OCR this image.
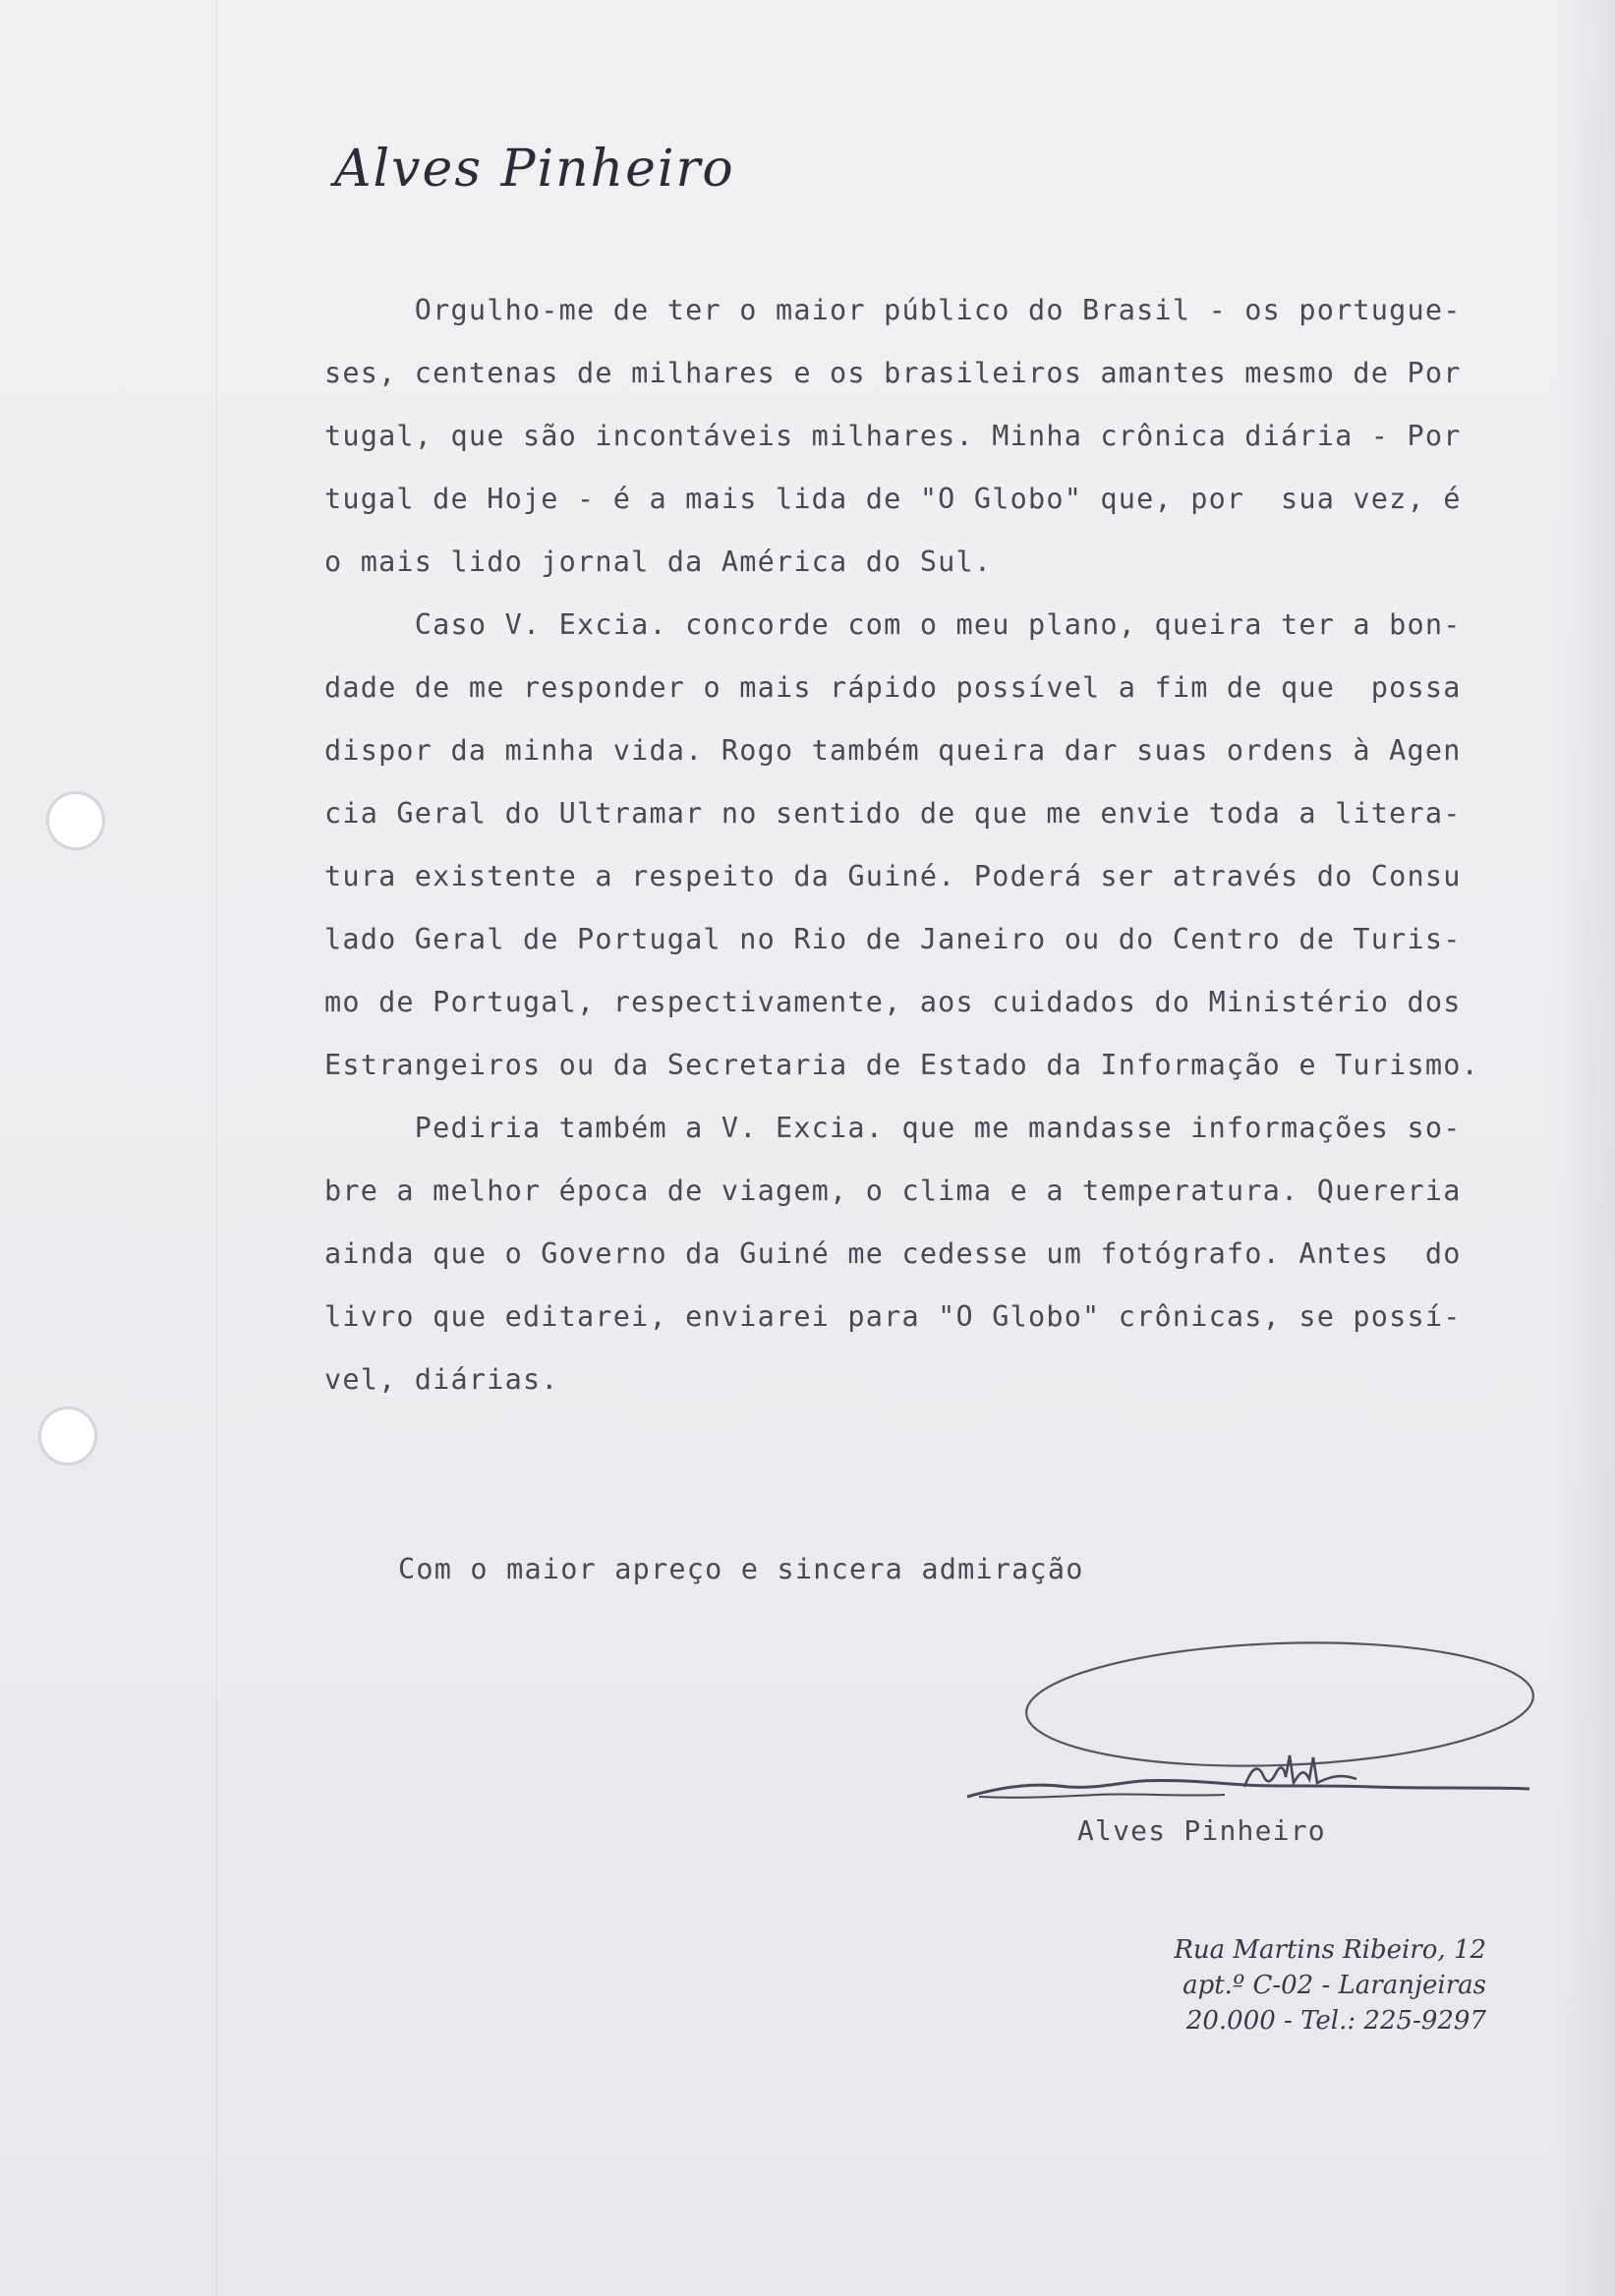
Alves Pinheiro
Orgulho-me de ter o maior público do Brasil - os portugue-
ses, centenas de milhares e os brasileiros amantes mesmo de Por
tugal, que são incontáveis milhares. Minha crônica diária - Por
tugal de Hoje - é a mais lida de "O Globo" que, por  sua vez, é
o mais lido jornal da América do Sul.
Caso V. Excia. concorde com o meu plano, queira ter a bon-
dade de me responder o mais rápido possível a fim de que  possa
dispor da minha vida. Rogo também queira dar suas ordens à Agen
cia Geral do Ultramar no sentido de que me envie toda a litera-
tura existente a respeito da Guiné. Poderá ser através do Consu
lado Geral de Portugal no Rio de Janeiro ou do Centro de Turis-
mo de Portugal, respectivamente, aos cuidados do Ministério dos
Estrangeiros ou da Secretaria de Estado da Informação e Turismo.
Pediria também a V. Excia. que me mandasse informações so-
bre a melhor época de viagem, o clima e a temperatura. Quereria
ainda que o Governo da Guiné me cedesse um fotógrafo. Antes  do
livro que editarei, enviarei para "O Globo" crônicas, se possí-
vel, diárias.
Com o maior apreço e sincera admiração
Alves Pinheiro
Rua Martins Ribeiro, 12
apt.º C-02 - Laranjeiras
20.000 - Tel.: 225-9297
